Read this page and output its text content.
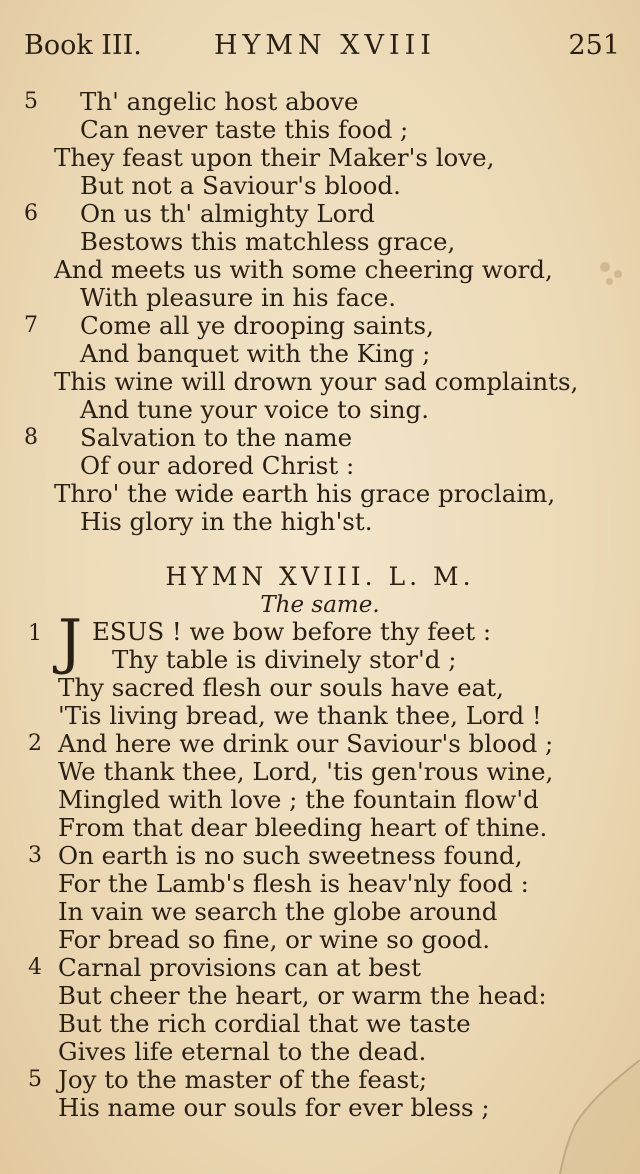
Book III.	HYMN XVIII	251
5 Th' angelic host above
Can never taste this food ;
They feast upon their Maker's love,
But not a Saviour's blood.
6 On us th' almighty Lord
Bestows this matchless grace,
And meets us with some cheering word,
With pleasure in his face.
7 Come all ye drooping saints,
And banquet with the King ;
This wine will drown your sad complaints,
And tune your voice to sing.
8 Salvation to the name
Of our adored Christ :
Thro' the wide earth his grace proclaim,
His glory in the high'st.
HYMN XVIII. L. M.
The same.
1 J ESUS ! we bow before thy feet :
Thy table is divinely stor'd ;
Thy sacred flesh our souls have eat,
'Tis living bread, we thank thee, Lord !
2 And here we drink our Saviour's blood ;
We thank thee, Lord, 'tis gen'rous wine,
Mingled with love ; the fountain flow'd
From that dear bleeding heart of thine.
3 On earth is no such sweetness found,
For the Lamb's flesh is heav'nly food :
In vain we search the globe around
For bread so fine, or wine so good.
4 Carnal provisions can at best
But cheer the heart, or warm the head:
But the rich cordial that we taste
Gives life eternal to the dead.
5 Joy to the master of the feast;
His name our souls for ever bless ;
